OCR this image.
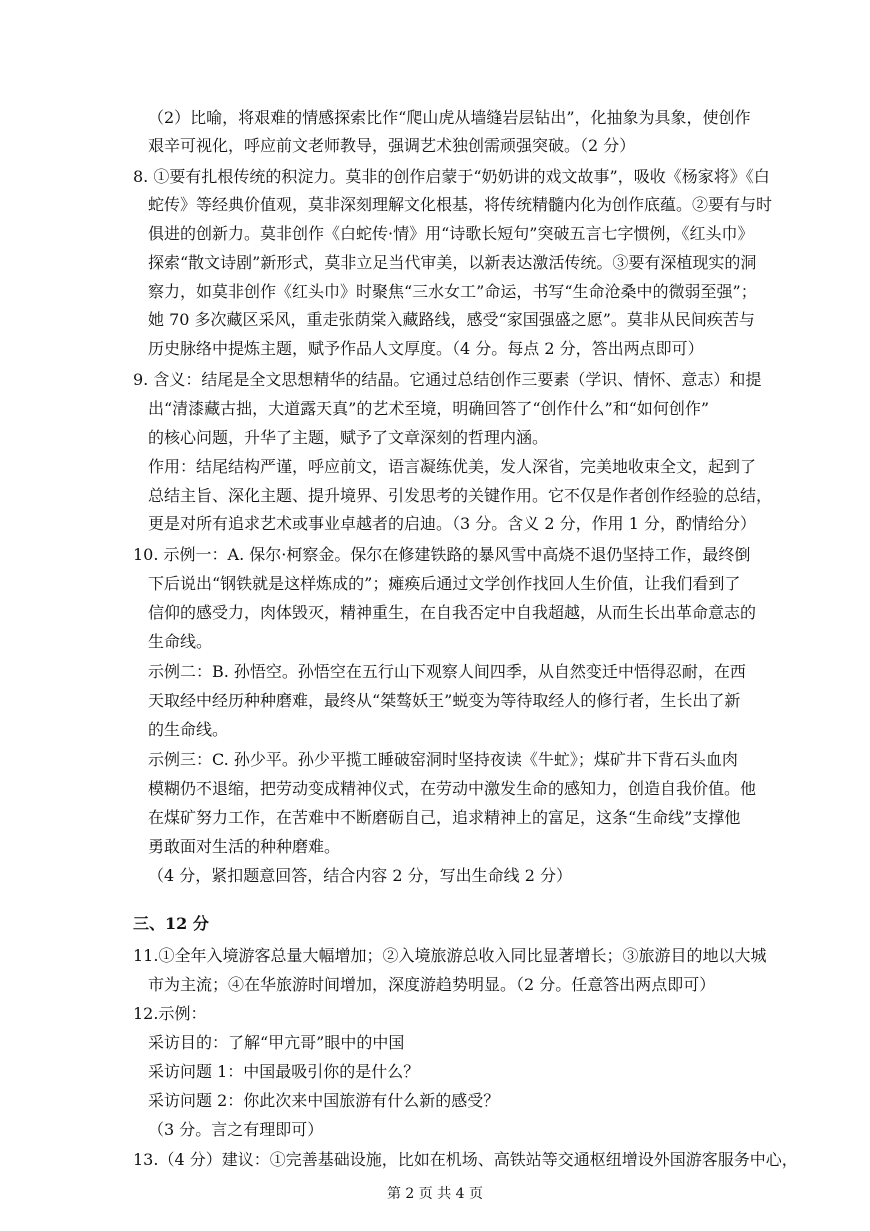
（2）比喻，将艰难的情感探索比作“爬山虎从墙缝岩层钻出”，化抽象为具象，使创作
艰辛可视化，呼应前文老师教导，强调艺术独创需顽强突破。（2 分）
8. ①要有扎根传统的积淀力。莫非的创作启蒙于“奶奶讲的戏文故事”，吸收《杨家将》《白
蛇传》等经典价值观，莫非深刻理解文化根基，将传统精髓内化为创作底蕴。②要有与时
俱进的创新力。莫非创作《白蛇传·情》用“诗歌长短句”突破五言七字惯例，《红头巾》
探索“散文诗剧”新形式，莫非立足当代审美，以新表达激活传统。③要有深植现实的洞
察力，如莫非创作《红头巾》时聚焦“三水女工”命运，书写“生命沧桑中的微弱至强”；
她 70 多次藏区采风，重走张荫棠入藏路线，感受“家国强盛之愿”。莫非从民间疾苦与
历史脉络中提炼主题，赋予作品人文厚度。（4 分。每点 2 分，答出两点即可）
9. 含义：结尾是全文思想精华的结晶。它通过总结创作三要素（学识、情怀、意志）和提
出“清漆藏古拙，大道露天真”的艺术至境，明确回答了“创作什么”和“如何创作”
的核心问题，升华了主题，赋予了文章深刻的哲理内涵。
作用：结尾结构严谨，呼应前文，语言凝练优美，发人深省，完美地收束全文，起到了
总结主旨、深化主题、提升境界、引发思考的关键作用。它不仅是作者创作经验的总结，
更是对所有追求艺术或事业卓越者的启迪。（3 分。含义 2 分，作用 1 分，酌情给分）
10. 示例一：A. 保尔·柯察金。保尔在修建铁路的暴风雪中高烧不退仍坚持工作，最终倒
下后说出“钢铁就是这样炼成的”；瘫痪后通过文学创作找回人生价值，让我们看到了
信仰的感受力，肉体毁灭，精神重生，在自我否定中自我超越，从而生长出革命意志的
生命线。
示例二：B. 孙悟空。孙悟空在五行山下观察人间四季，从自然变迁中悟得忍耐，在西
天取经中经历种种磨难，最终从“桀骜妖王”蜕变为等待取经人的修行者，生长出了新
的生命线。
示例三：C. 孙少平。孙少平揽工睡破窑洞时坚持夜读《牛虻》；煤矿井下背石头血肉
模糊仍不退缩，把劳动变成精神仪式，在劳动中激发生命的感知力，创造自我价值。他
在煤矿努力工作，在苦难中不断磨砺自己，追求精神上的富足，这条“生命线”支撑他
勇敢面对生活的种种磨难。
（4 分，紧扣题意回答，结合内容 2 分，写出生命线 2 分）
三、12 分
11.①全年入境游客总量大幅增加；②入境旅游总收入同比显著增长；③旅游目的地以大城
市为主流；④在华旅游时间增加，深度游趋势明显。（2 分。任意答出两点即可）
12.示例：
采访目的：了解“甲亢哥”眼中的中国
采访问题 1：中国最吸引你的是什么？
采访问题 2：你此次来中国旅游有什么新的感受？
（3 分。言之有理即可）
13.（4 分）建议：①完善基础设施，比如在机场、高铁站等交通枢纽增设外国游客服务中心，
第 2 页 共 4 页
